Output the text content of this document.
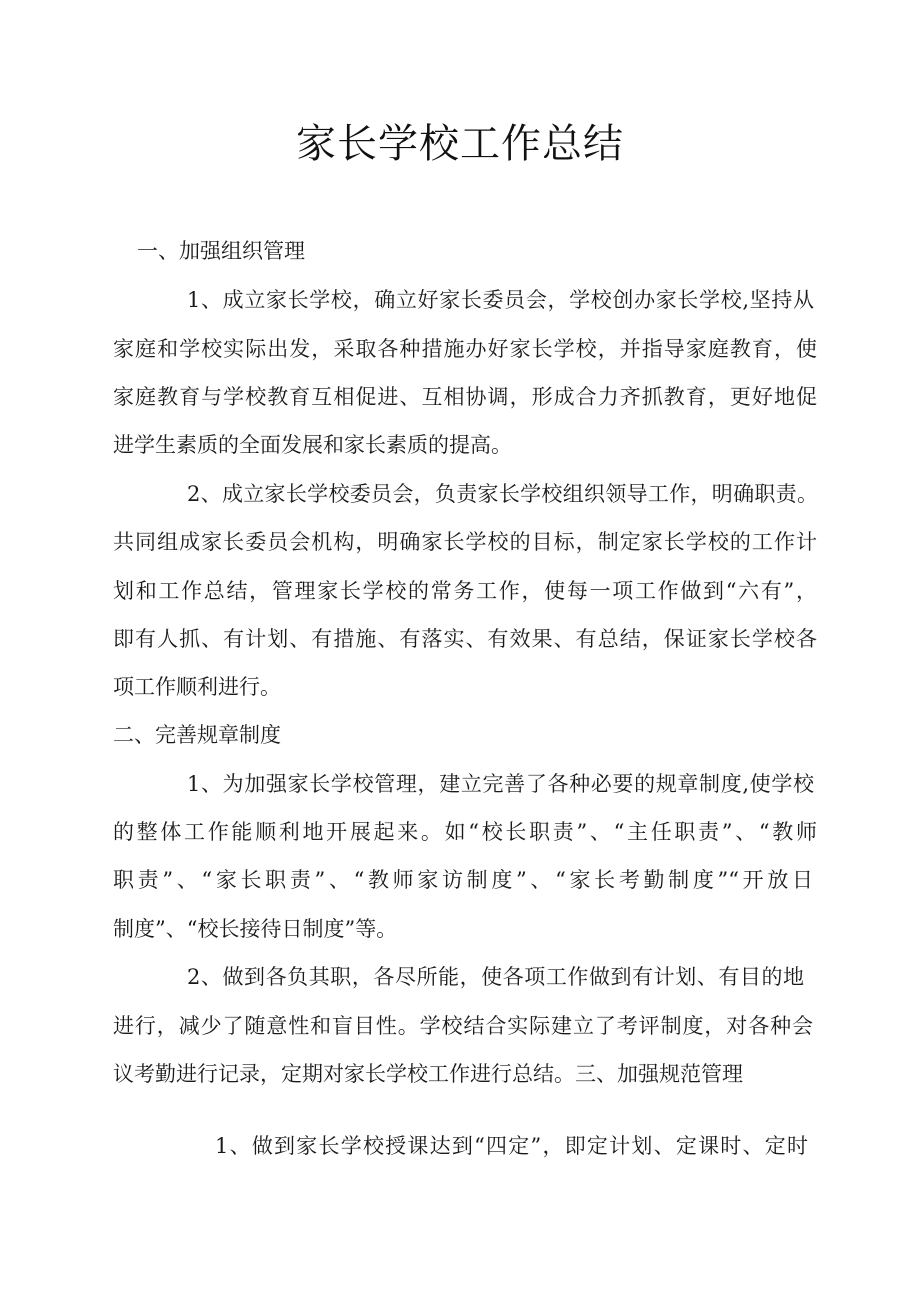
家长学校工作总结

一、加强组织管理

1、成立家长学校，确立好家长委员会，学校创办家长学校,坚持从

家庭和学校实际出发，采取各种措施办好家长学校，并指导家庭教育，使

家庭教育与学校教育互相促进、互相协调，形成合力齐抓教育，更好地促

进学生素质的全面发展和家长素质的提高。

2、成立家长学校委员会，负责家长学校组织领导工作，明确职责。

共同组成家长委员会机构，明确家长学校的目标，制定家长学校的工作计

划和工作总结，管理家长学校的常务工作，使每一项工作做到“六有”，

即有人抓、有计划、有措施、有落实、有效果、有总结，保证家长学校各

项工作顺利进行。

二、完善规章制度

1、为加强家长学校管理，建立完善了各种必要的规章制度,使学校

的整体工作能顺利地开展起来。如“校长职责”、“主任职责”、“教师

职责”、“家长职责”、“教师家访制度”、“家长考勤制度”“开放日

制度”、“校长接待日制度”等。

2、做到各负其职，各尽所能，使各项工作做到有计划、有目的地

进行，减少了随意性和盲目性。学校结合实际建立了考评制度，对各种会

议考勤进行记录，定期对家长学校工作进行总结。三、加强规范管理

1、做到家长学校授课达到“四定”，即定计划、定课时、定时
